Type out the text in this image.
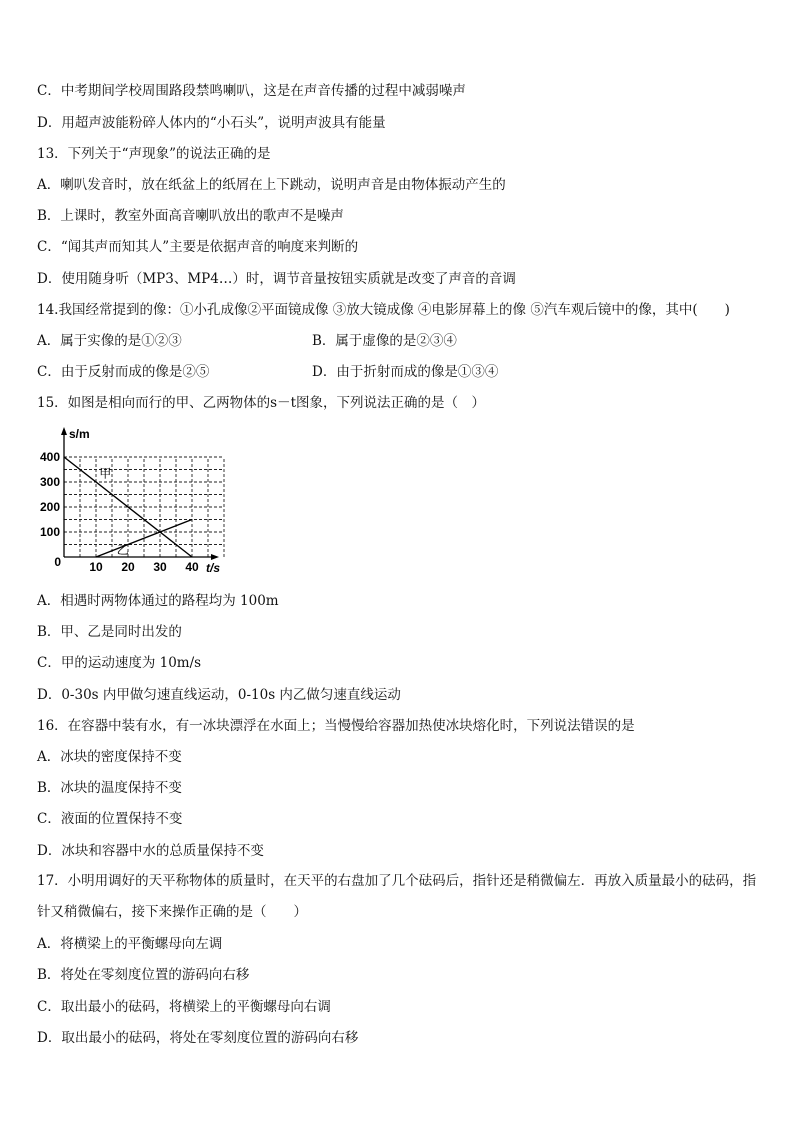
C．中考期间学校周围路段禁鸣喇叭，这是在声音传播的过程中减弱噪声
D．用超声波能粉碎人体内的“小石头”，说明声波具有能量
13．下列关于“声现象”的说法正确的是
A．喇叭发音时，放在纸盆上的纸屑在上下跳动，说明声音是由物体振动产生的
B．上课时，教室外面高音喇叭放出的歌声不是噪声
C．“闻其声而知其人”主要是依据声音的响度来判断的
D．使用随身听（MP3、MP4…）时，调节音量按钮实质就是改变了声音的音调
14.我国经常提到的像：①小孔成像②平面镜成像 ③放大镜成像 ④电影屏幕上的像 ⑤汽车观后镜中的像，其中(　　)
A．属于实像的是①②③	B．属于虚像的是②③④
C．由于反射而成的像是②⑤	D．由于折射而成的像是①③④
15．如图是相向而行的甲、乙两物体的s－t图象，下列说法正确的是（　）
100
200
300
400
10 20 30 40
0
s/m
t/s
甲
乙
A．相遇时两物体通过的路程均为 100m
B．甲、乙是同时出发的
C．甲的运动速度为 10m/s
D．0-30s 内甲做匀速直线运动，0-10s 内乙做匀速直线运动
16．在容器中装有水，有一冰块漂浮在水面上；当慢慢给容器加热使冰块熔化时，下列说法错误的是
A．冰块的密度保持不变
B．冰块的温度保持不变
C．液面的位置保持不变
D．冰块和容器中水的总质量保持不变
17．小明用调好的天平称物体的质量时，在天平的右盘加了几个砝码后，指针还是稍微偏左．再放入质量最小的砝码，指针又稍微偏右，接下来操作正确的是（　　）
A．将横梁上的平衡螺母向左调
B．将处在零刻度位置的游码向右移
C．取出最小的砝码，将横梁上的平衡螺母向右调
D．取出最小的砝码，将处在零刻度位置的游码向右移
